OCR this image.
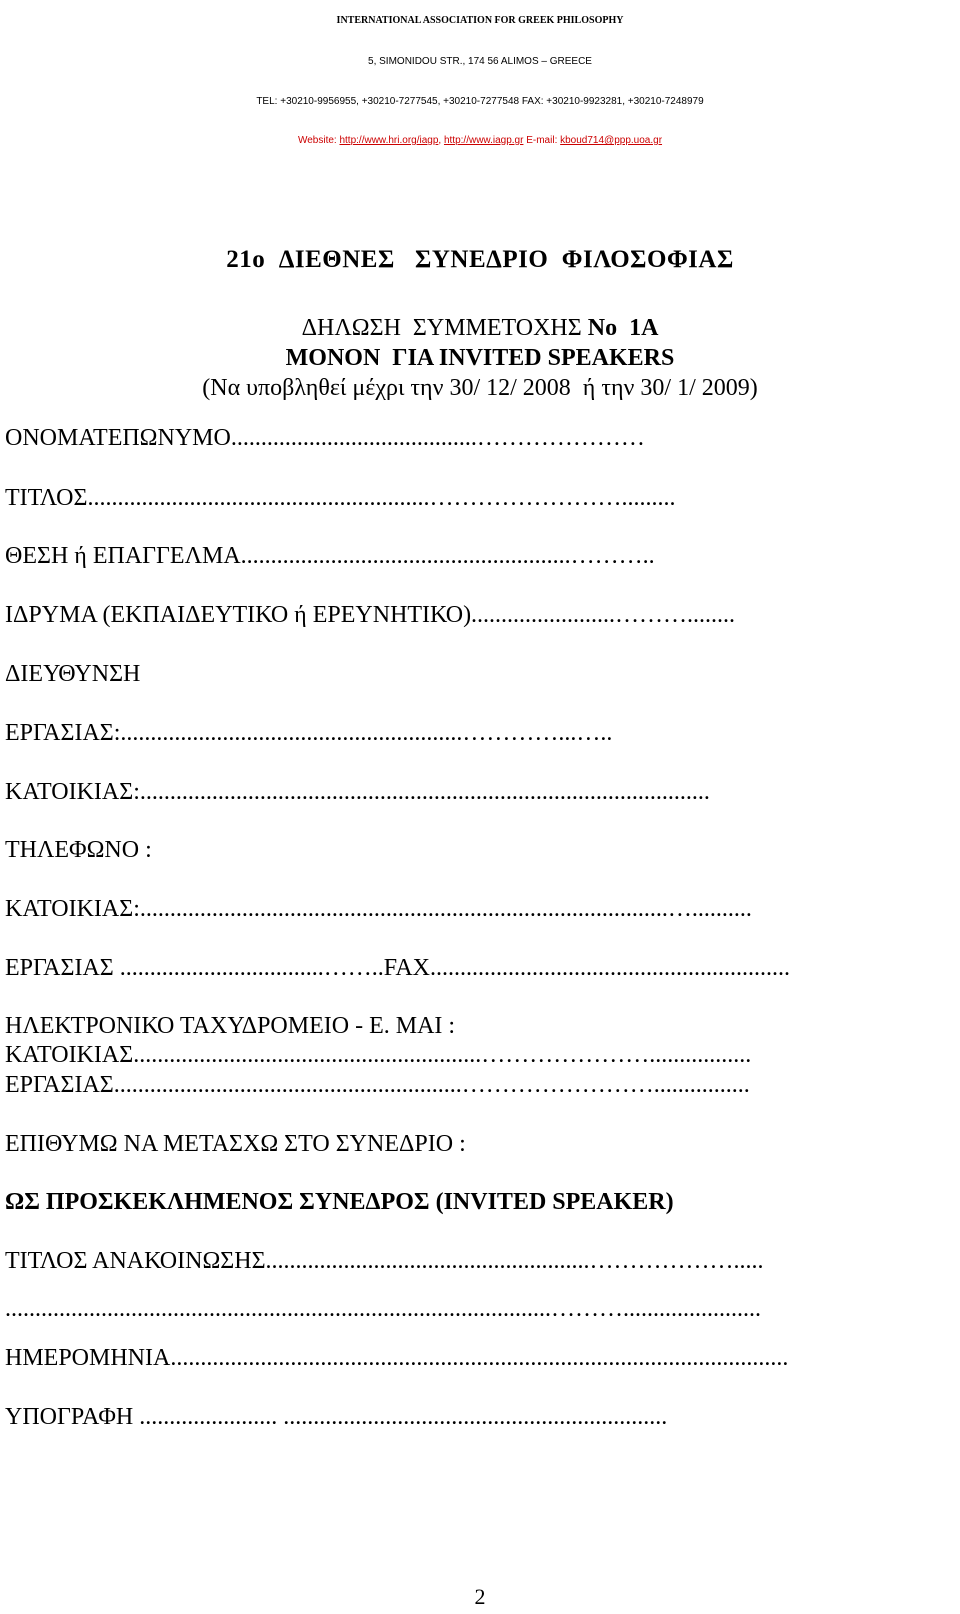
INTERNATIONAL ASSOCIATION FOR GREEK PHILOSOPHY
5, SIMONIDOU STR., 174 56 ALIMOS – GREECE
TEL: +30210-9956955, +30210-7277545, +30210-7277548 FAX: +30210-9923281, +30210-7248979
Website: http://www.hri.org/iagp, http://www.iagp.gr E-mail: kboud714@ppp.uoa.gr
21o  ΔΙΕΘΝΕΣ   ΣΥΝΕΔΡΙΟ  ΦΙΛΟΣΟΦΙΑΣ
ΔΗΛΩΣΗ  ΣΥΜΜΕΤΟΧΗΣ No  1A
ΜΟΝΟΝ  ΓΙΑ INVITED SPEAKERS
(Να υποβληθεί μέχρι την 30/ 12/ 2008  ή την 30/ 1/ 2009)
ΟΝΟΜΑΤΕΠΩΝΥΜΟ.........................................…………………
ΤΙΤΛΟΣ.........................................................…………………….........
ΘΕΣΗ ή ΕΠΑΓΓΕΛΜΑ.......................................................………..
ΙΔΡΥΜΑ (ΕΚΠΑΙΔΕΥΤΙΚΟ ή ΕΡΕΥΝΗΤΙΚΟ)........................………........
ΔΙΕΥΘΥΝΣΗ
ΕΡΓΑΣΙΑΣ:.........................................................…………...…..
ΚΑΤΟΙΚΙΑΣ:...............................................................................................
ΤΗΛΕΦΩΝΟ :
ΚΑΤΟΙΚΙΑΣ:........................................................................................…..........
ΕΡΓΑΣΙΑΣ ..................................……..FAX............................................................
ΗΛΕΚΤΡΟΝΙΚΟ ΤΑΧΥΔΡΟΜΕΙΟ - Ε. ΜΑΙ :
ΚΑΤΟΙΚΙΑΣ..........................................................………………….................
ΕΡΓΑΣΙΑΣ..........................................................……………………................
ΕΠΙΘΥΜΩ ΝΑ ΜΕΤΑΣΧΩ ΣΤΟ ΣΥΝΕΔΡΙΟ :
ΩΣ ΠΡΟΣΚΕΚΛΗΜΕΝΟΣ ΣΥΝΕΔΡΟΣ (INVITED SPEAKER)
ΤΙΤΛΟΣ ΑΝΑΚΟΙΝΩΣΗΣ......................................................……………….....
...........................................................................................……….......................
ΗΜΕΡΟΜΗΝΙΑ.......................................................................................................
ΥΠΟΓΡΑΦΗ ....................... ................................................................
2
